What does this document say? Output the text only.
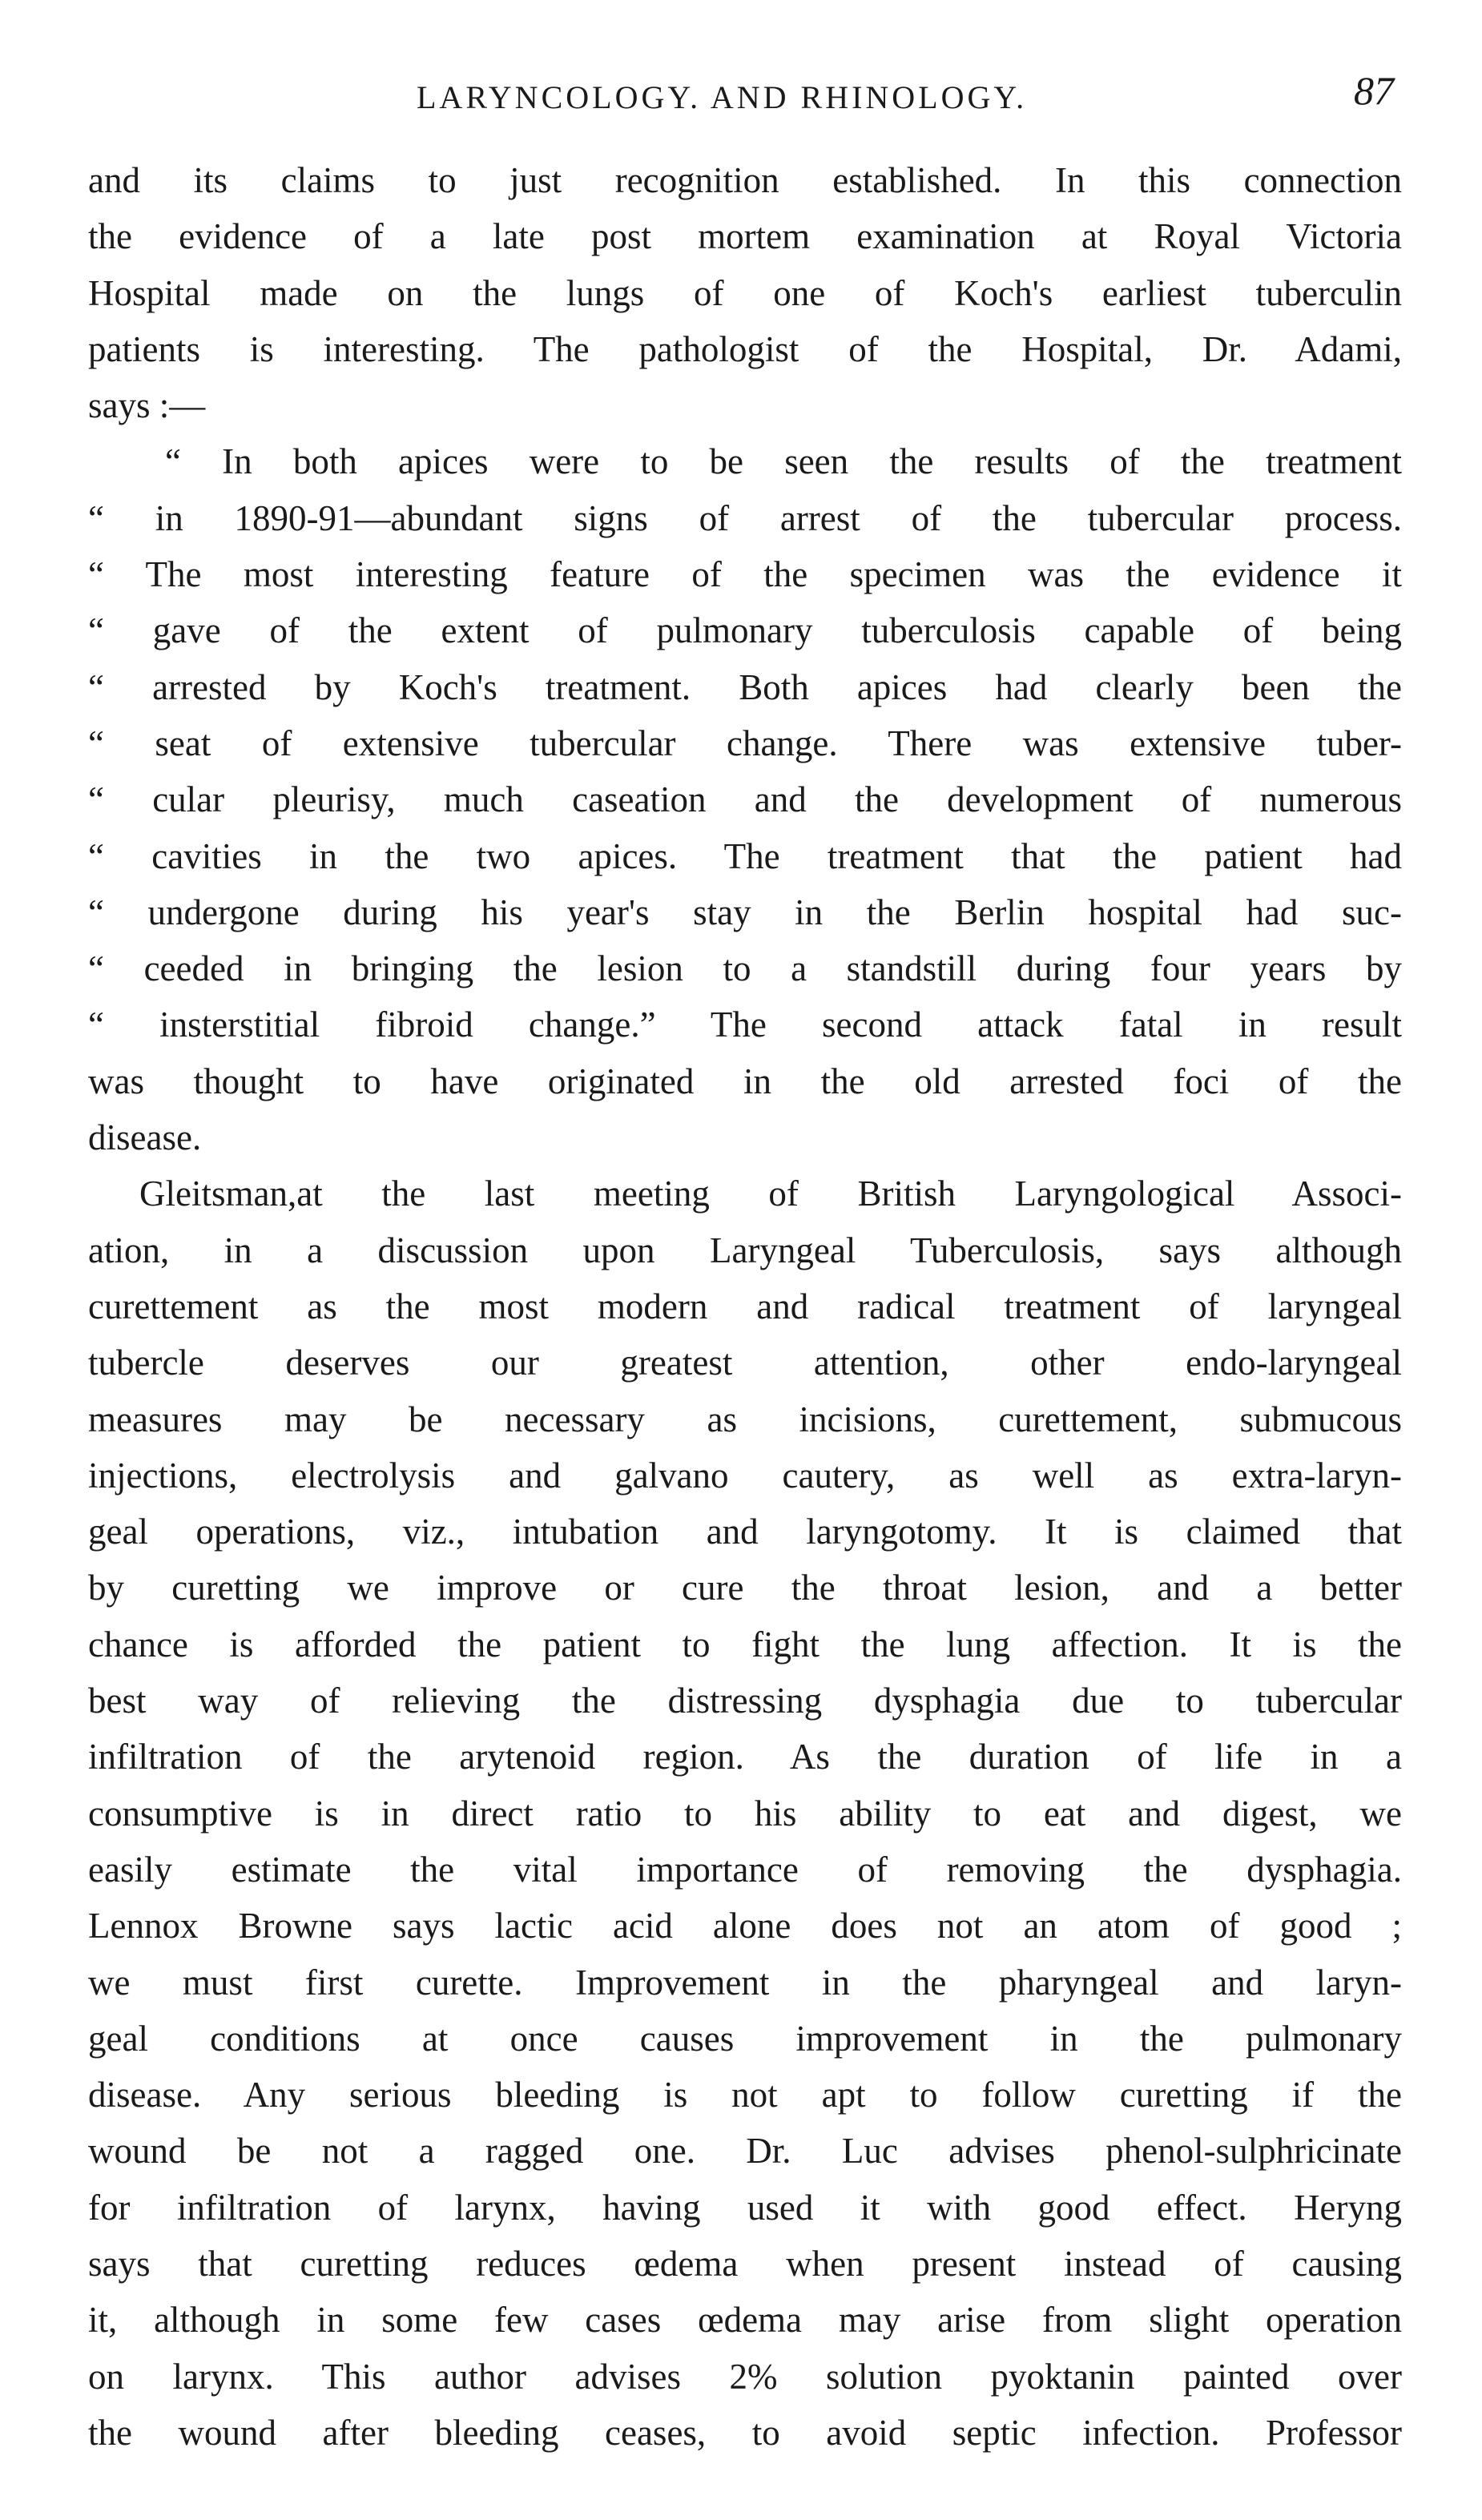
LARYNCOLOGY. AND RHINOLOGY.	87
and its claims to just recognition established. In this connection
the evidence of a late post mortem examination at Royal Victoria
Hospital made on the lungs of one of Koch's earliest tuberculin
patients is interesting. The pathologist of the Hospital, Dr. Adami,
says :—
“ In both apices were to be seen the results of the treatment
“ in 1890-91—abundant signs of arrest of the tubercular process.
“ The most interesting feature of the specimen was the evidence it
“ gave of the extent of pulmonary tuberculosis capable of being
“ arrested by Koch's treatment. Both apices had clearly been the
“ seat of extensive tubercular change. There was extensive tuber-
“ cular pleurisy, much caseation and the development of numerous
“ cavities in the two apices. The treatment that the patient had
“ undergone during his year's stay in the Berlin hospital had suc-
“ ceeded in bringing the lesion to a standstill during four years by
“ insterstitial fibroid change.” The second attack fatal in result
was thought to have originated in the old arrested foci of the
disease.
Gleitsman,at the last meeting of British Laryngological Associ-
ation, in a discussion upon Laryngeal Tuberculosis, says although
curettement as the most modern and radical treatment of laryngeal
tubercle deserves our greatest attention, other endo-laryngeal
measures may be necessary as incisions, curettement, submucous
injections, electrolysis and galvano cautery, as well as extra-laryn-
geal operations, viz., intubation and laryngotomy. It is claimed that
by curetting we improve or cure the throat lesion, and a better
chance is afforded the patient to fight the lung affection. It is the
best way of relieving the distressing dysphagia due to tubercular
infiltration of the arytenoid region. As the duration of life in a
consumptive is in direct ratio to his ability to eat and digest, we
easily estimate the vital importance of removing the dysphagia.
Lennox Browne says lactic acid alone does not an atom of good ;
we must first curette. Improvement in the pharyngeal and laryn-
geal conditions at once causes improvement in the pulmonary
disease. Any serious bleeding is not apt to follow curetting if the
wound be not a ragged one. Dr. Luc advises phenol-sulphricinate
for infiltration of larynx, having used it with good effect. Heryng
says that curetting reduces œdema when present instead of causing
it, although in some few cases œdema may arise from slight operation
on larynx. This author advises 2% solution pyoktanin painted over
the wound after bleeding ceases, to avoid septic infection. Professor
